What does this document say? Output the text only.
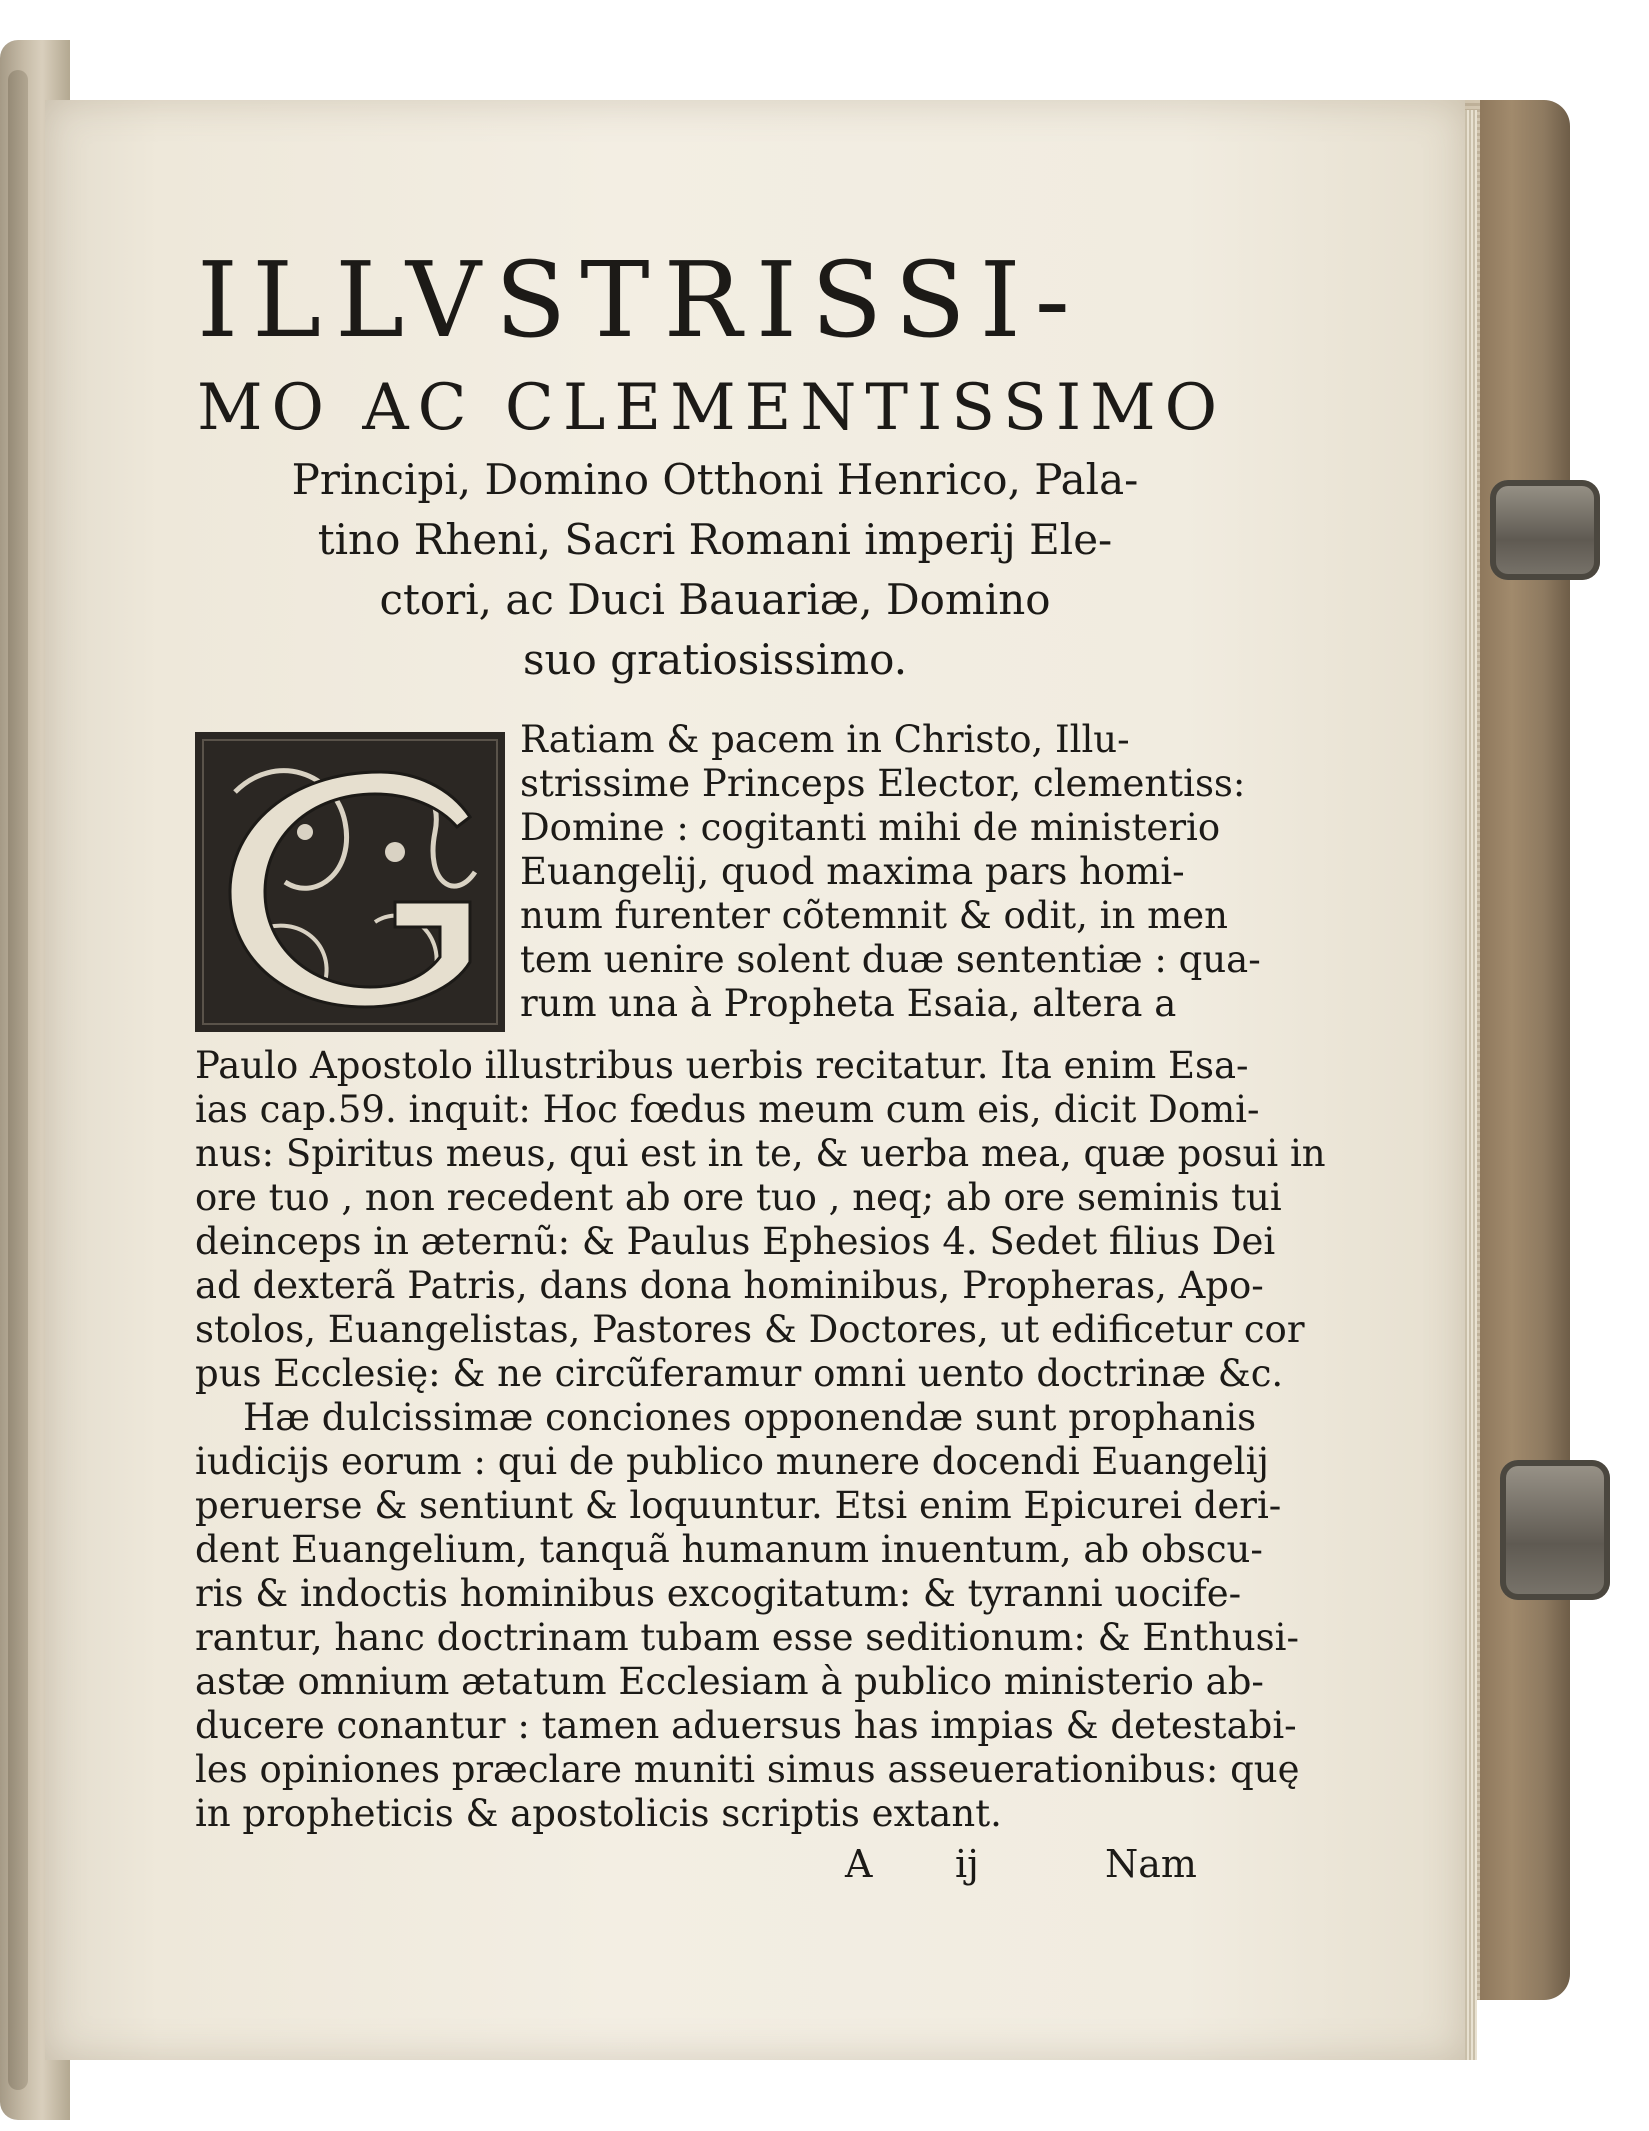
ILLVSTRISSI-
MO AC CLEMENTISSIMO
Principi, Domino Otthoni Henrico, Pala-
tino Rheni, Sacri Romani imperij Ele-
ctori, ac Duci Bauariæ, Domino
suo gratiosissimo.
Ratiam & pacem in Christo, Illu-
strissime Princeps Elector, clementiss:
Domine : cogitanti mihi de ministerio
Euangelij, quod maxima pars homi-
num furenter cõtemnit & odit, in men
tem uenire solent duæ sententiæ : qua-
rum una à Propheta Esaia, altera a
Paulo Apostolo illustribus uerbis recitatur. Ita enim Esa-
ias cap.59. inquit: Hoc fœdus meum cum eis, dicit Domi-
nus: Spiritus meus, qui est in te, & uerba mea, quæ posui in
ore tuo , non recedent ab ore tuo , neq; ab ore seminis tui
deinceps in æternũ: & Paulus Ephesios 4. Sedet filius Dei
ad dexterã Patris, dans dona hominibus, Propheras, Apo-
stolos, Euangelistas, Pastores & Doctores, ut edificetur cor
pus Ecclesię: & ne circũferamur omni uento doctrinæ &c.
Hæ dulcissimæ conciones opponendæ sunt prophanis
iudicijs eorum : qui de publico munere docendi Euangelij
peruerse & sentiunt & loquuntur. Etsi enim Epicurei deri-
dent Euangelium, tanquã humanum inuentum, ab obscu-
ris & indoctis hominibus excogitatum: & tyranni uocife-
rantur, hanc doctrinam tubam esse seditionum: & Enthusi-
astæ omnium ætatum Ecclesiam à publico ministerio ab-
ducere conantur : tamen aduersus has impias & detestabi-
les opiniones præclare muniti simus asseuerationibus: quę
in propheticis & apostolicis scriptis extant.
A ij	Nam
